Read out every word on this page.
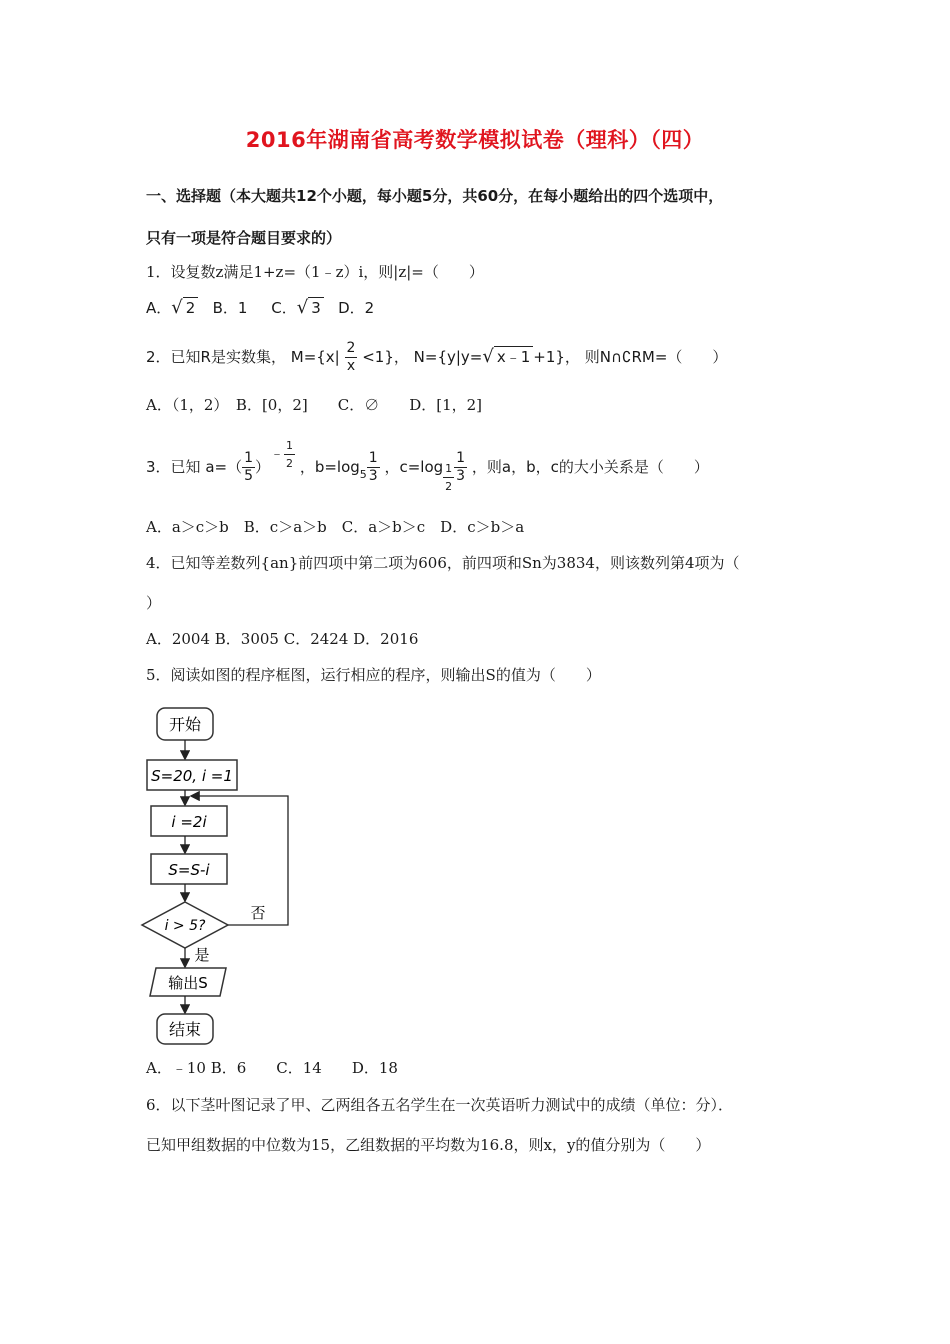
2016年湖南省高考数学模拟试卷（理科）（四）
一、选择题（本大题共12个小题，每小题5分，共60分，在每小题给出的四个选项中，
只有一项是符合题目要求的）
1．设复数z满足1+z=（1﹣z）i，则|z|=（　　）
A．√ 2 B．1 C．√ 3 D．2
2．已知R是实数集， $M=\{x| \frac{2}{x} <1\}$， N={y|y=√ x﹣1 +1}， 则N∩∁RM=（　　）
A．（1，2）　B．[0，2]　　C．∅　　D．[1，2]
3．已知 $a=( \frac{1}{5}$ ）﹣ $\frac{1}{2}$ ，$b=\log_5 \frac{1}{3}$ ，$c=\log \frac{1}{2} \frac{1}{3}$ ，则a，b，c的大小关系是（　　）
A．a＞c＞b　B．c＞a＞b　C．a＞b＞c　D．c＞b＞a
4．已知等差数列{an}前四项中第二项为606，前四项和Sn为3834，则该数列第4项为（
）
A．2004 B．3005 C．2424 D．2016
5．阅读如图的程序框图，运行相应的程序，则输出S的值为（　　）
开始
S=20, i =1
i =2i
S=S-i
i > 5?
否
是
输出S
结束
A．﹣10 B．6　　C．14　　D．18
6．以下茎叶图记录了甲、乙两组各五名学生在一次英语听力测试中的成绩（单位：分）．
已知甲组数据的中位数为15，乙组数据的平均数为16.8，则x，y的值分别为（　　）
